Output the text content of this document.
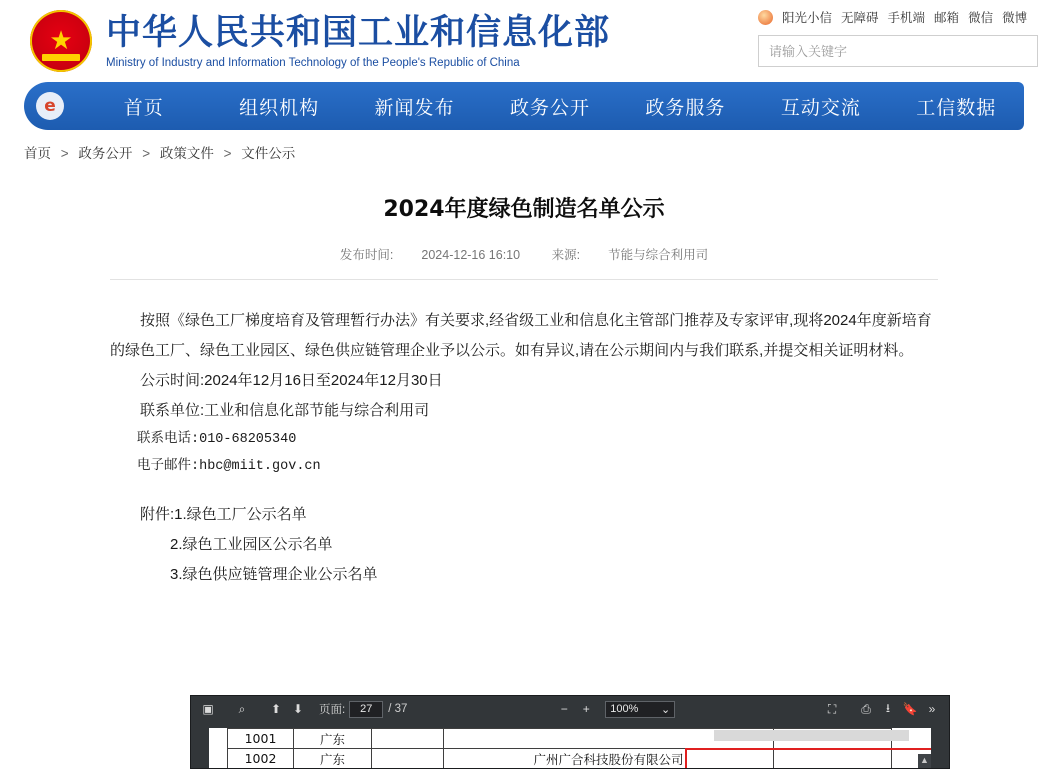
★
中华人民共和国工业和信息化部
Ministry of Industry and Information Technology of the People's Republic of China
阳光小信 无障碍 手机端 邮箱 微信 微博
请输入关键字
e	首页	组织机构	新闻发布	政务公开	政务服务	互动交流	工信数据
首页 > 政务公开 > 政策文件 > 文件公示
2024年度绿色制造名单公示
发布时间: 2024-12-16 16:10	来源: 节能与综合利用司

按照《绿色工厂梯度培育及管理暂行办法》有关要求,经省级工业和信息化主管部门推荐及专家评审,现将2024年度新培育的绿色工厂、绿色工业园区、绿色供应链管理企业予以公示。如有异议,请在公示期间内与我们联系,并提交相关证明材料。

公示时间:2024年12月16日至2024年12月30日

联系单位:工业和信息化部节能与综合利用司

联系电话:010-68205340

电子邮件:hbc@miit.gov.cn

附件:1.绿色工厂公示名单
2.绿色工业园区公示名单
3.绿色供应链管理企业公示名单
▣	⌕	⬆ ⬇	页面:
27	/ 37	−	+	100% ⌄	⛶	⎙	⭳	🔖 »
1001	广东			
1002	广东		广州广合科技股份有限公司		▲
